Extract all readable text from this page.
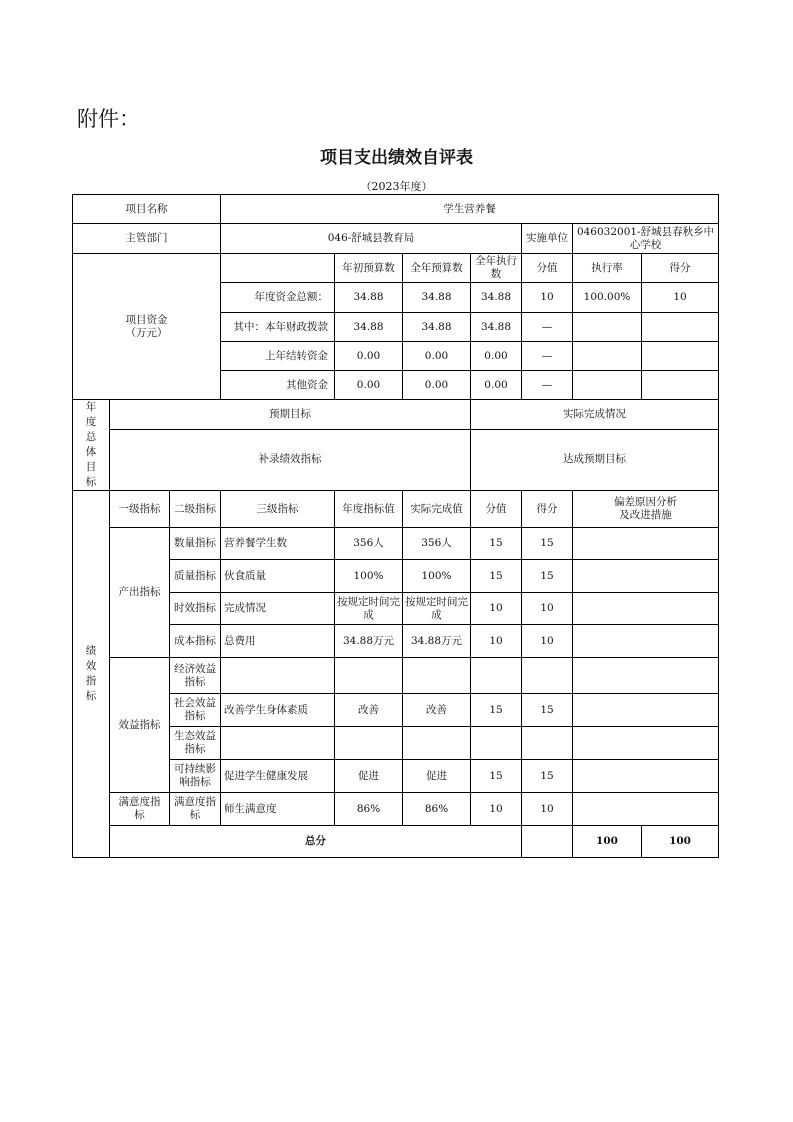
附件：
项目支出绩效自评表
（2023年度）
项目名称			学生营养餐							
主管部门			046-舒城县教育局				实施单位	046032001-舒城县春秋乡中心学校		
项目资金
（万元）				年初预算数	全年预算数	全年执行数	分值	执行率	得分	
			年度资金总额：	34.88	34.88	34.88	10	100.00%	10	
			其中：本年财政拨款	34.88	34.88	34.88	—			
			上年结转资金	0.00	0.00	0.00	—			
			其他资金	0.00	0.00	0.00	—			
年度总体目标	预期目标					实际完成情况				
	补录绩效指标					达成预期目标				
绩效指标	一级指标	二级指标	三级指标	年度指标值	实际完成值	分值	得分	偏差原因分析及改进措施		
	产出指标	数量指标	营养餐学生数	356人	356人	15	15			
		质量指标	伙食质量	100%	100%	15	15			
		时效指标	完成情况	按规定时间完成	按规定时间完成	10	10			
		成本指标	总费用	34.88万元	34.88万元	10	10			
	效益指标	经济效益指标								
		社会效益指标	改善学生身体素质	改善	改善	15	15			
		生态效益指标								
		可持续影响指标	促进学生健康发展	促进	促进	15	15			
	满意度指标	满意度指标	师生满意度	86%	86%	10	10			
	总分							100	100	
